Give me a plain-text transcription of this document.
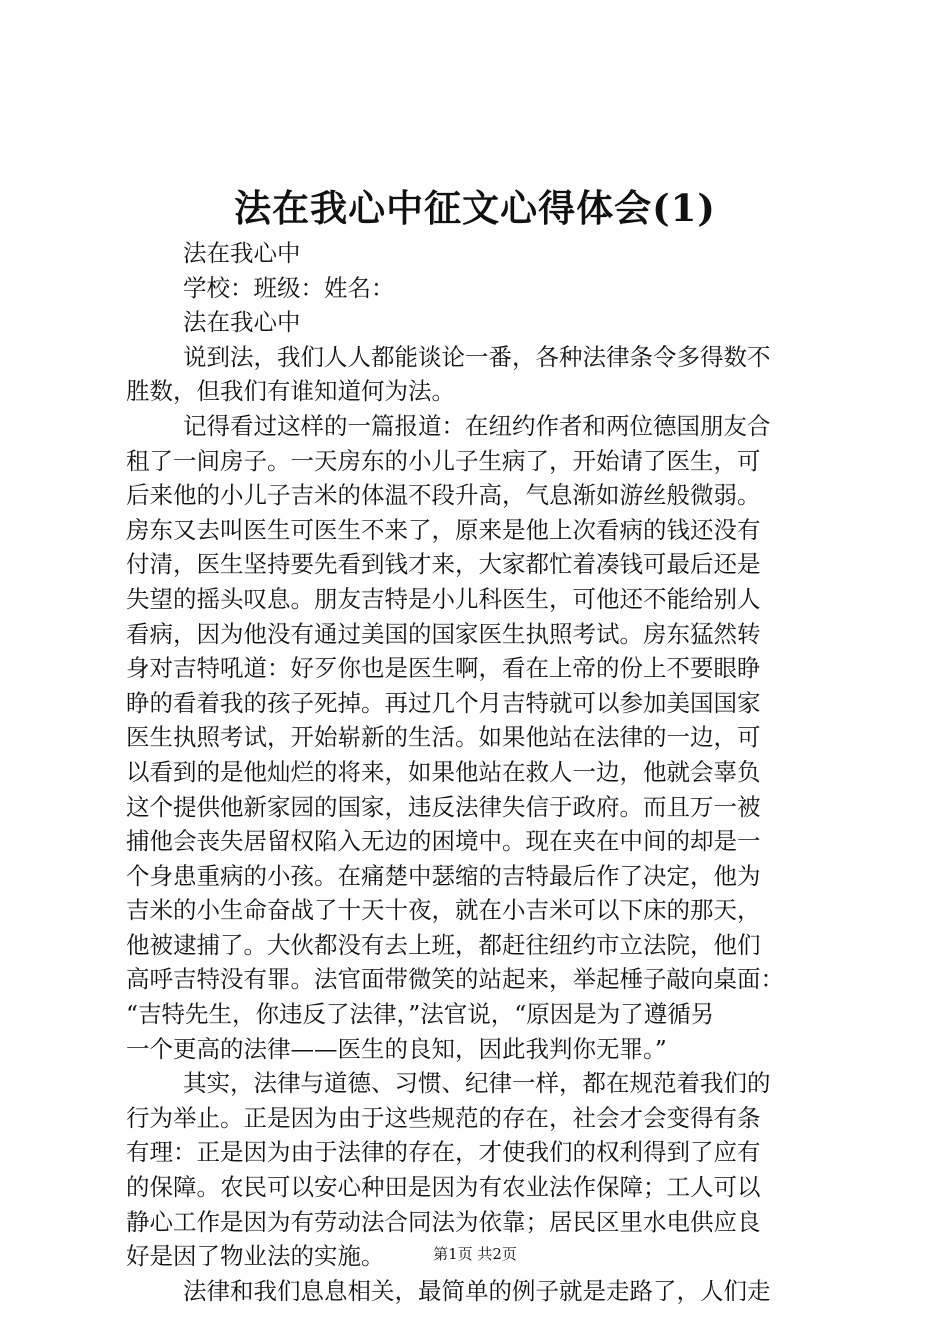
法在我心中征文心得体会(1)
法在我心中
学校：班级：姓名：
法在我心中
说到法，我们人人都能谈论一番，各种法律条令多得数不
胜数，但我们有谁知道何为法。
记得看过这样的一篇报道：在纽约作者和两位德国朋友合
租了一间房子。一天房东的小儿子生病了，开始请了医生，可
后来他的小儿子吉米的体温不段升高，气息渐如游丝般微弱。
房东又去叫医生可医生不来了，原来是他上次看病的钱还没有
付清，医生坚持要先看到钱才来，大家都忙着凑钱可最后还是
失望的摇头叹息。朋友吉特是小儿科医生，可他还不能给别人
看病，因为他没有通过美国的国家医生执照考试。房东猛然转
身对吉特吼道：好歹你也是医生啊，看在上帝的份上不要眼睁
睁的看着我的孩子死掉。再过几个月吉特就可以参加美国国家
医生执照考试，开始崭新的生活。如果他站在法律的一边，可
以看到的是他灿烂的将来，如果他站在救人一边，他就会辜负
这个提供他新家园的国家，违反法律失信于政府。而且万一被
捕他会丧失居留权陷入无边的困境中。现在夹在中间的却是一
个身患重病的小孩。在痛楚中瑟缩的吉特最后作了决定，他为
吉米的小生命奋战了十天十夜，就在小吉米可以下床的那天，
他被逮捕了。大伙都没有去上班，都赶往纽约市立法院，他们
高呼吉特没有罪。法官面带微笑的站起来，举起棰子敲向桌面：
“吉特先生，你违反了法律，”法官说，“原因是为了遵循另
一个更高的法律——医生的良知，因此我判你无罪。”
其实，法律与道德、习惯、纪律一样，都在规范着我们的
行为举止。正是因为由于这些规范的存在，社会才会变得有条
有理：正是因为由于法律的存在，才使我们的权利得到了应有
的保障。农民可以安心种田是因为有农业法作保障；工人可以
静心工作是因为有劳动法合同法为依靠；居民区里水电供应良
好是因了物业法的实施。
法律和我们息息相关，最简单的例子就是走路了，人们走
第1页 共2页
